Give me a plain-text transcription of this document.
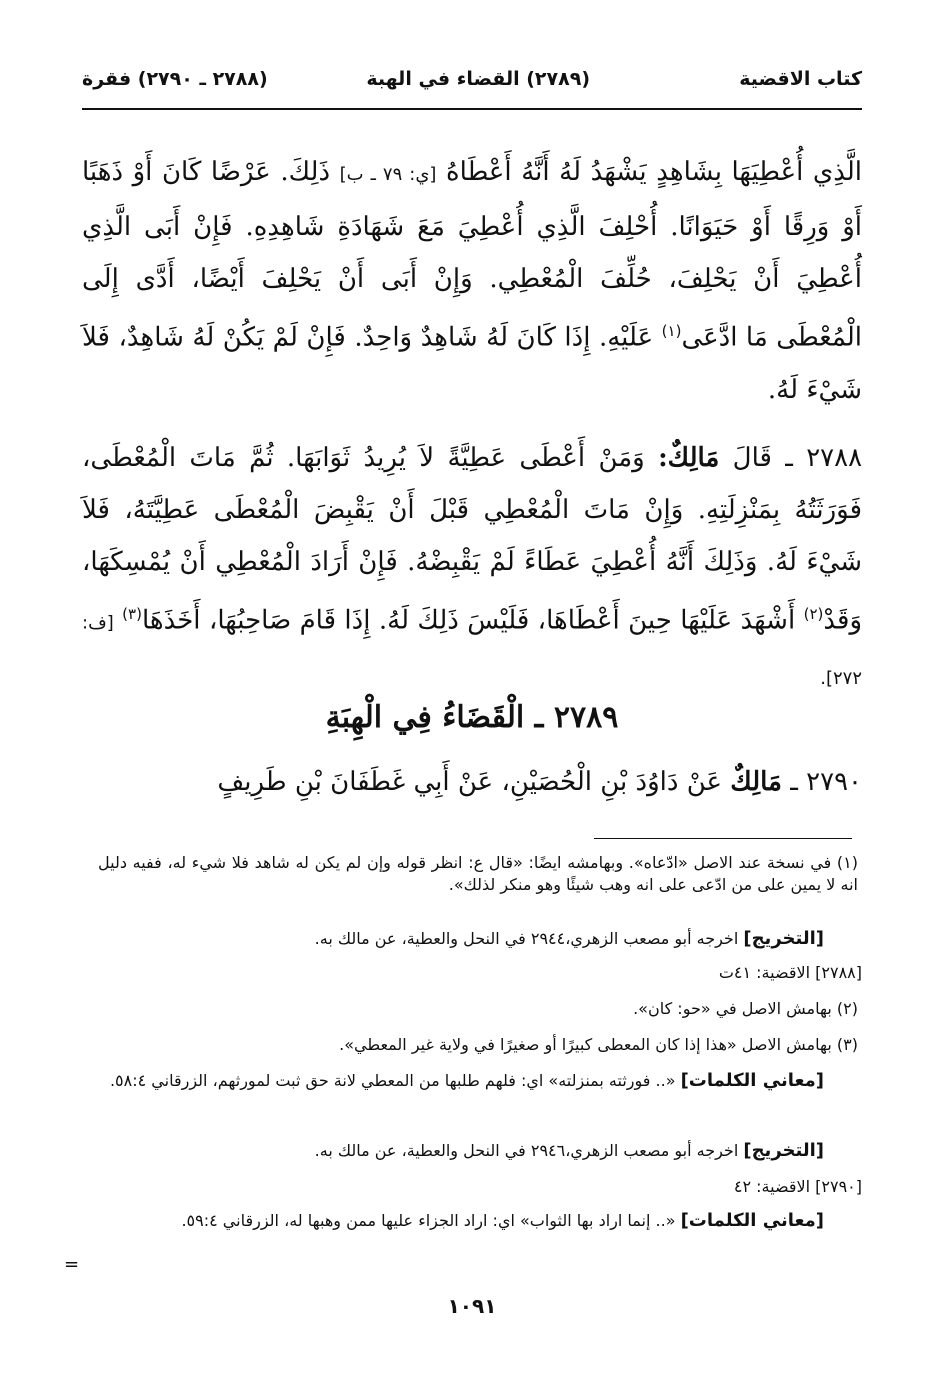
كتاب الاقضية
(٢٧٨٩) القضاء في الهبة
(٢٧٨٨ ـ ٢٧٩٠) فقرة
الَّذِي أُعْطِيَهَا بِشَاهِدٍ يَشْهَدُ لَهُ أَنَّهُ أَعْطَاهُ [ي: ٧٩ ـ ب] ذَلِكَ. عَرْضًا كَانَ أَوْ ذَهَبًا أَوْ وَرِقًا أَوْ حَيَوَانًا. أُحْلِفَ الَّذِي أُعْطِيَ مَعَ شَهَادَةِ شَاهِدِهِ. فَإِنْ أَبَى الَّذِي أُعْطِيَ أَنْ يَحْلِفَ، حُلِّفَ الْمُعْطِي. وَإِنْ أَبَى أَنْ يَحْلِفَ أَيْضًا، أَدَّى إِلَى الْمُعْطَى مَا ادَّعَى$^{(١)}$ عَلَيْهِ. إِذَا كَانَ لَهُ شَاهِدٌ وَاحِدٌ. فَإِنْ لَمْ يَكُنْ لَهُ شَاهِدٌ، فَلاَ شَيْءَ لَهُ.
٢٧٨٨ ـ قَالَ مَالِكٌ: وَمَنْ أَعْطَى عَطِيَّةً لاَ يُرِيدُ ثَوَابَهَا. ثُمَّ مَاتَ الْمُعْطَى، فَوَرَثَتُهُ بِمَنْزِلَتِهِ. وَإِنْ مَاتَ الْمُعْطِي قَبْلَ أَنْ يَقْبِضَ الْمُعْطَى عَطِيَّتَهُ، فَلاَ شَيْءَ لَهُ. وَذَلِكَ أَنَّهُ أُعْطِيَ عَطَاءً لَمْ يَقْبِضْهُ. فَإِنْ أَرَادَ الْمُعْطِي أَنْ يُمْسِكَهَا، وَقَدْ$^{(٢)}$ أَشْهَدَ عَلَيْهَا حِينَ أَعْطَاهَا، فَلَيْسَ ذَلِكَ لَهُ. إِذَا قَامَ صَاحِبُهَا، أَخَذَهَا$^{(٣)}$ [ف: ٢٧٢].
٢٧٨٩ ـ الْقَضَاءُ فِي الْهِبَةِ
٢٧٩٠ ـ مَالِكٌ عَنْ دَاوُدَ بْنِ الْحُصَيْنِ، عَنْ أَبِي غَطَفَانَ بْنِ طَرِيفٍ
(١) في نسخة عند الاصل «ادّعاه». وبهامشه ايضًا: «قال ع: انظر قوله وإن لم يكن له شاهد فلا شيء له، ففيه دليل انه لا يمين على من ادّعى على انه وهب شيئًا وهو منكر لذلك».
[التخريج] اخرجه أبو مصعب الزهري،٢٩٤٤ في النحل والعطية، عن مالك به.
[٢٧٨٨] الاقضية: ٤١ت
(٢) بهامش الاصل في «حو: كان».
(٣) بهامش الاصل «هذا إذا كان المعطى كبيرًا أو صغيرًا في ولاية غير المعطي».
[معاني الكلمات] «.. فورثته بمنزلته» اي: فلهم طلبها من المعطي لانة حق ثبت لمورثهم، الزرقاني ٥٨:٤.
[التخريج] اخرجه أبو مصعب الزهري،٢٩٤٦ في النحل والعطية، عن مالك به.
[٢٧٩٠] الاقضية: ٤٢
[معاني الكلمات] «.. إنما اراد بها الثواب» اي: اراد الجزاء عليها ممن وهبها له، الزرقاني ٥٩:٤.
=
١٠٩١
